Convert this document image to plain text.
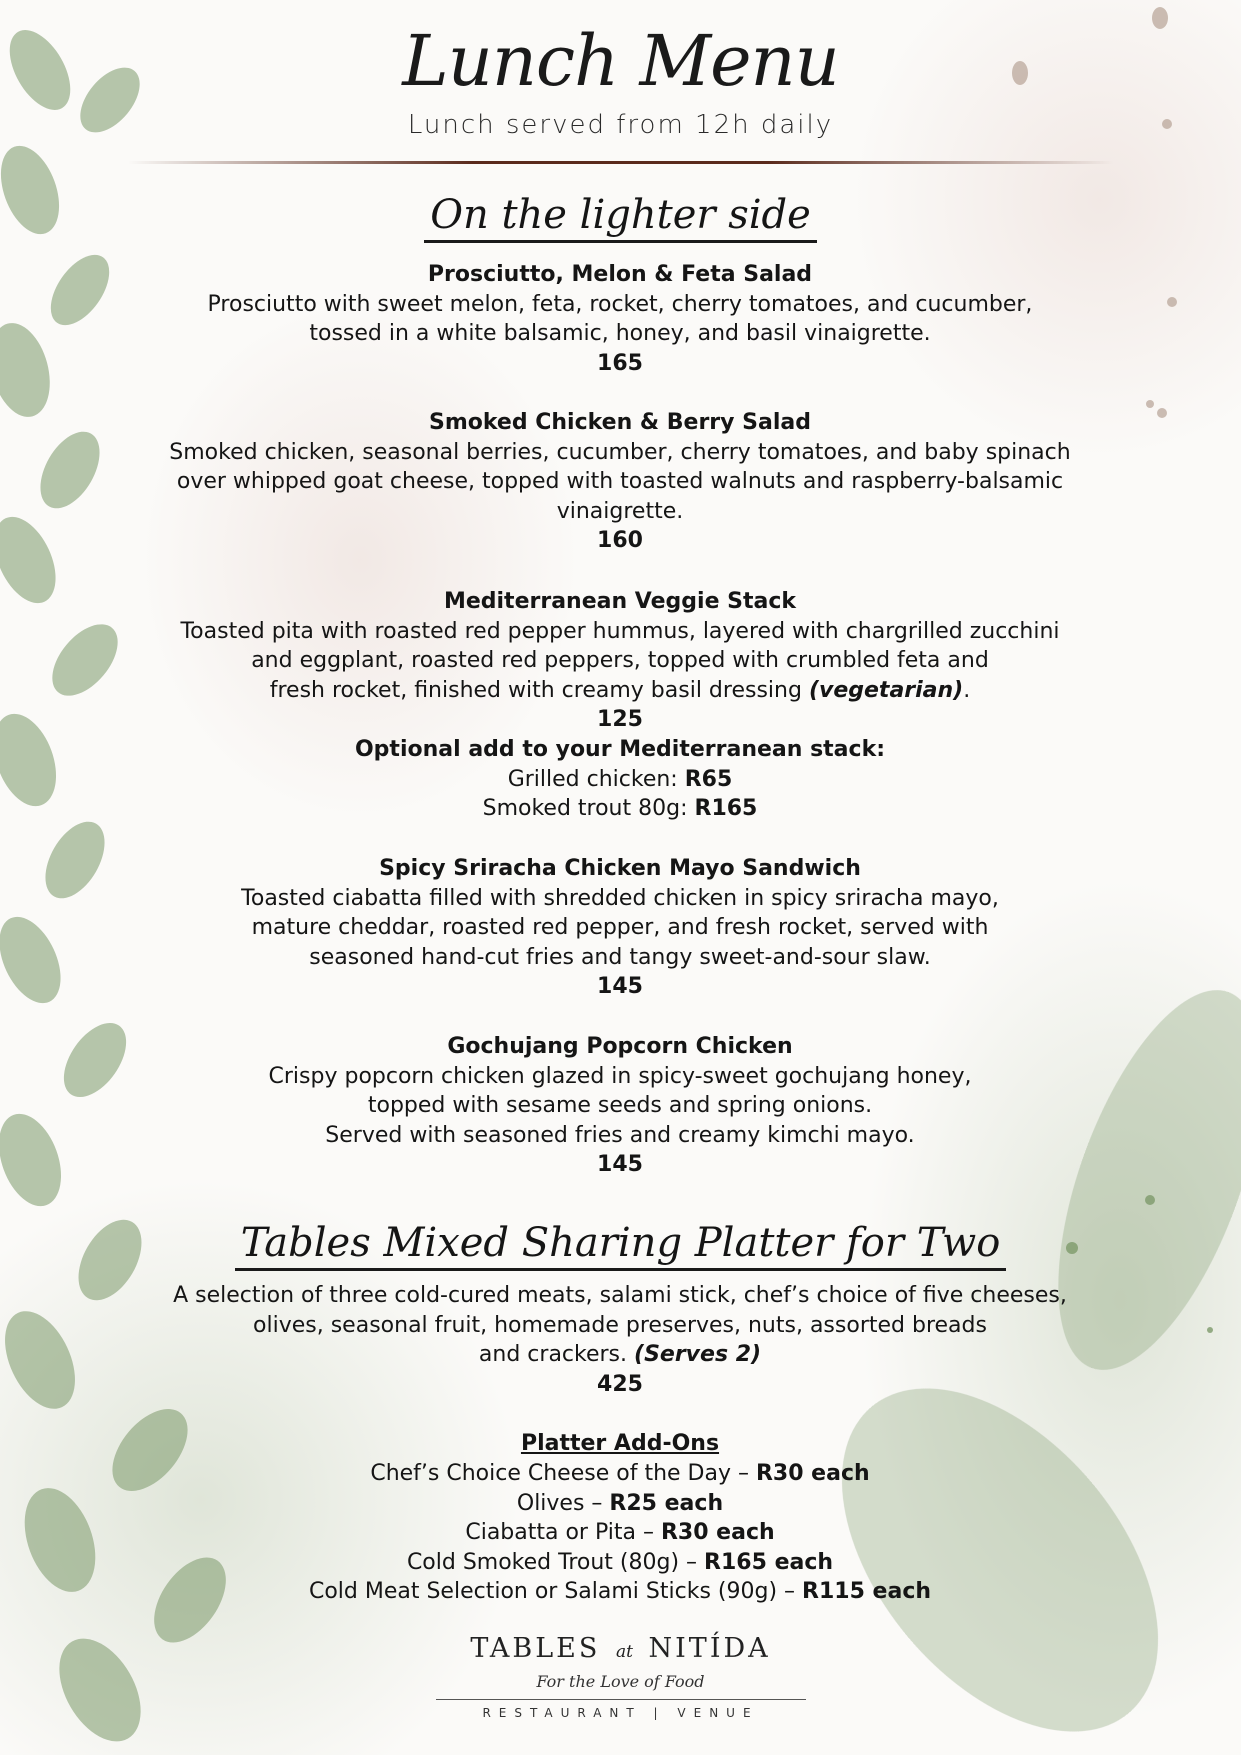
Lunch Menu
Lunch served from 12h daily
On the lighter side
Prosciutto, Melon & Feta Salad
Prosciutto with sweet melon, feta, rocket, cherry tomatoes, and cucumber,
tossed in a white balsamic, honey, and basil vinaigrette.
165
Smoked Chicken & Berry Salad
Smoked chicken, seasonal berries, cucumber, cherry tomatoes, and baby spinach
over whipped goat cheese, topped with toasted walnuts and raspberry-balsamic
vinaigrette.
160
Mediterranean Veggie Stack
Toasted pita with roasted red pepper hummus, layered with chargrilled zucchini
and eggplant, roasted red peppers, topped with crumbled feta and
fresh rocket, finished with creamy basil dressing (vegetarian).
125
Optional add to your Mediterranean stack:
Grilled chicken: R65
Smoked trout 80g: R165
Spicy Sriracha Chicken Mayo Sandwich
Toasted ciabatta filled with shredded chicken in spicy sriracha mayo,
mature cheddar, roasted red pepper, and fresh rocket, served with
seasoned hand-cut fries and tangy sweet-and-sour slaw.
145
Gochujang Popcorn Chicken
Crispy popcorn chicken glazed in spicy-sweet gochujang honey,
topped with sesame seeds and spring onions.
Served with seasoned fries and creamy kimchi mayo.
145
Tables Mixed Sharing Platter for Two
A selection of three cold-cured meats, salami stick, chef’s choice of five cheeses,
olives, seasonal fruit, homemade preserves, nuts, assorted breads
and crackers. (Serves 2)
425
Platter Add-Ons
Chef’s Choice Cheese of the Day – R30 each
Olives – R25 each
Ciabatta or Pita – R30 each
Cold Smoked Trout (80g) – R165 each
Cold Meat Selection or Salami Sticks (90g) – R115 each
TABLES at NITÍDA
For the Love of Food
RESTAURANT | VENUE
